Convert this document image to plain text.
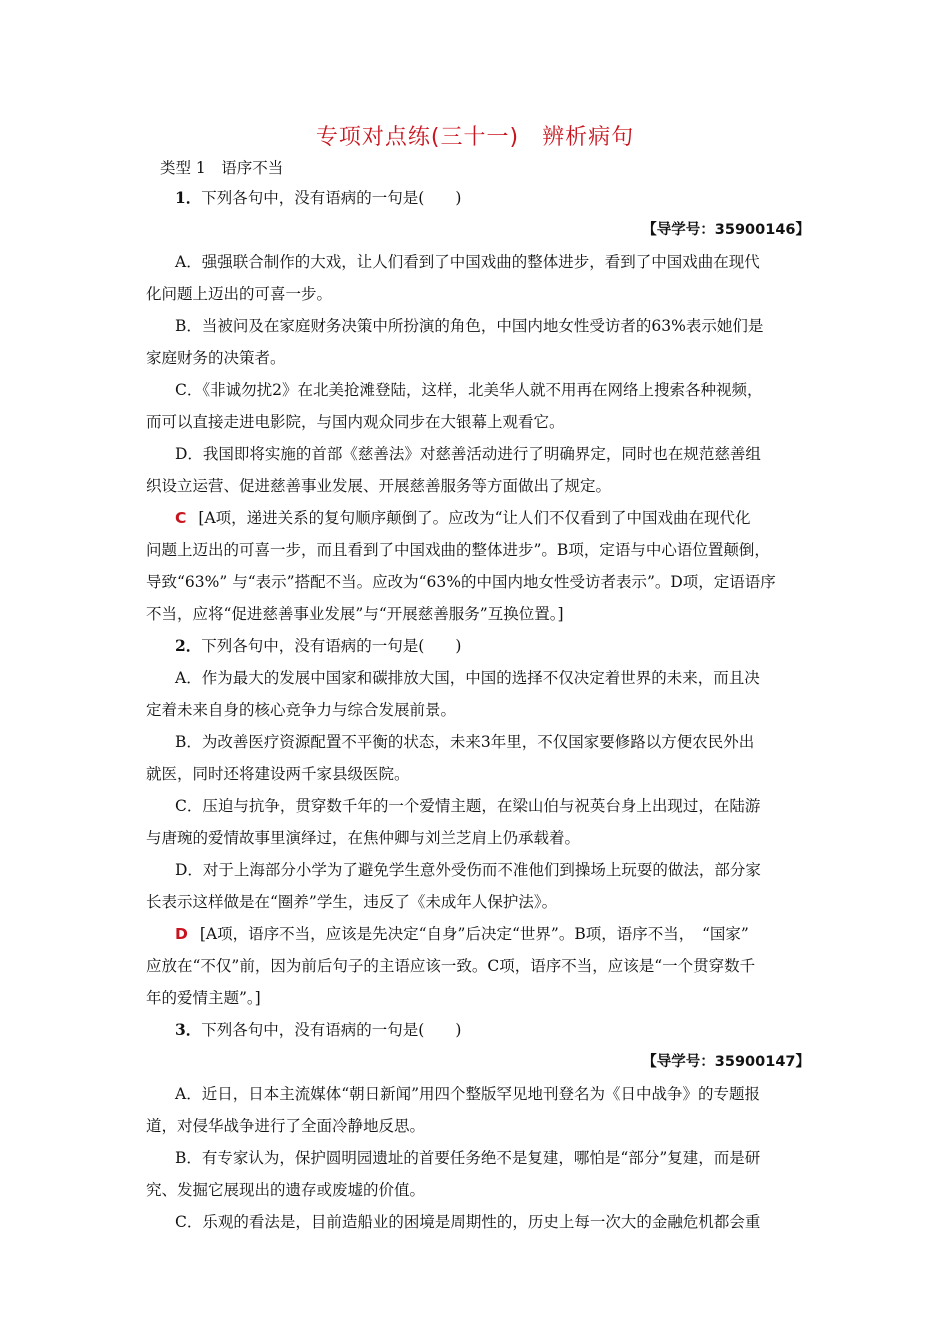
专项对点练(三十一)　辨析病句
类型 1　语序不当
1．下列各句中，没有语病的一句是(　　)
【导学号：35900146】
A．强强联合制作的大戏，让人们看到了中国戏曲的整体进步，看到了中国戏曲在现代
化问题上迈出的可喜一步。
B．当被问及在家庭财务决策中所扮演的角色，中国内地女性受访者的63%表示她们是
家庭财务的决策者。
C．《非诚勿扰2》在北美抢滩登陆，这样，北美华人就不用再在网络上搜索各种视频，
而可以直接走进电影院，与国内观众同步在大银幕上观看它。
D．我国即将实施的首部《慈善法》对慈善活动进行了明确界定，同时也在规范慈善组
织设立运营、促进慈善事业发展、开展慈善服务等方面做出了规定。
C [A项，递进关系的复句顺序颠倒了。应改为“让人们不仅看到了中国戏曲在现代化
问题上迈出的可喜一步，而且看到了中国戏曲的整体进步”。B项，定语与中心语位置颠倒，
导致“63%” 与“表示”搭配不当。应改为“63%的中国内地女性受访者表示”。D项，定语语序
不当，应将“促进慈善事业发展”与“开展慈善服务”互换位置。]
2．下列各句中，没有语病的一句是(　　)
A．作为最大的发展中国家和碳排放大国，中国的选择不仅决定着世界的未来，而且决
定着未来自身的核心竞争力与综合发展前景。
B．为改善医疗资源配置不平衡的状态，未来3年里，不仅国家要修路以方便农民外出
就医，同时还将建设两千家县级医院。
C．压迫与抗争，贯穿数千年的一个爱情主题，在梁山伯与祝英台身上出现过，在陆游
与唐琬的爱情故事里演绎过，在焦仲卿与刘兰芝肩上仍承载着。
D．对于上海部分小学为了避免学生意外受伤而不准他们到操场上玩耍的做法，部分家
长表示这样做是在“圈养”学生，违反了《未成年人保护法》。
D [A项，语序不当，应该是先决定“自身”后决定“世界”。B项，语序不当，　“国家”
应放在“不仅”前，因为前后句子的主语应该一致。C项，语序不当，应该是“一个贯穿数千
年的爱情主题”。]
3．下列各句中，没有语病的一句是(　　)
【导学号：35900147】
A．近日，日本主流媒体“朝日新闻”用四个整版罕见地刊登名为《日中战争》的专题报
道，对侵华战争进行了全面冷静地反思。
B．有专家认为，保护圆明园遗址的首要任务绝不是复建，哪怕是“部分”复建，而是研
究、发掘它展现出的遗存或废墟的价值。
C．乐观的看法是，目前造船业的困境是周期性的，历史上每一次大的金融危机都会重
